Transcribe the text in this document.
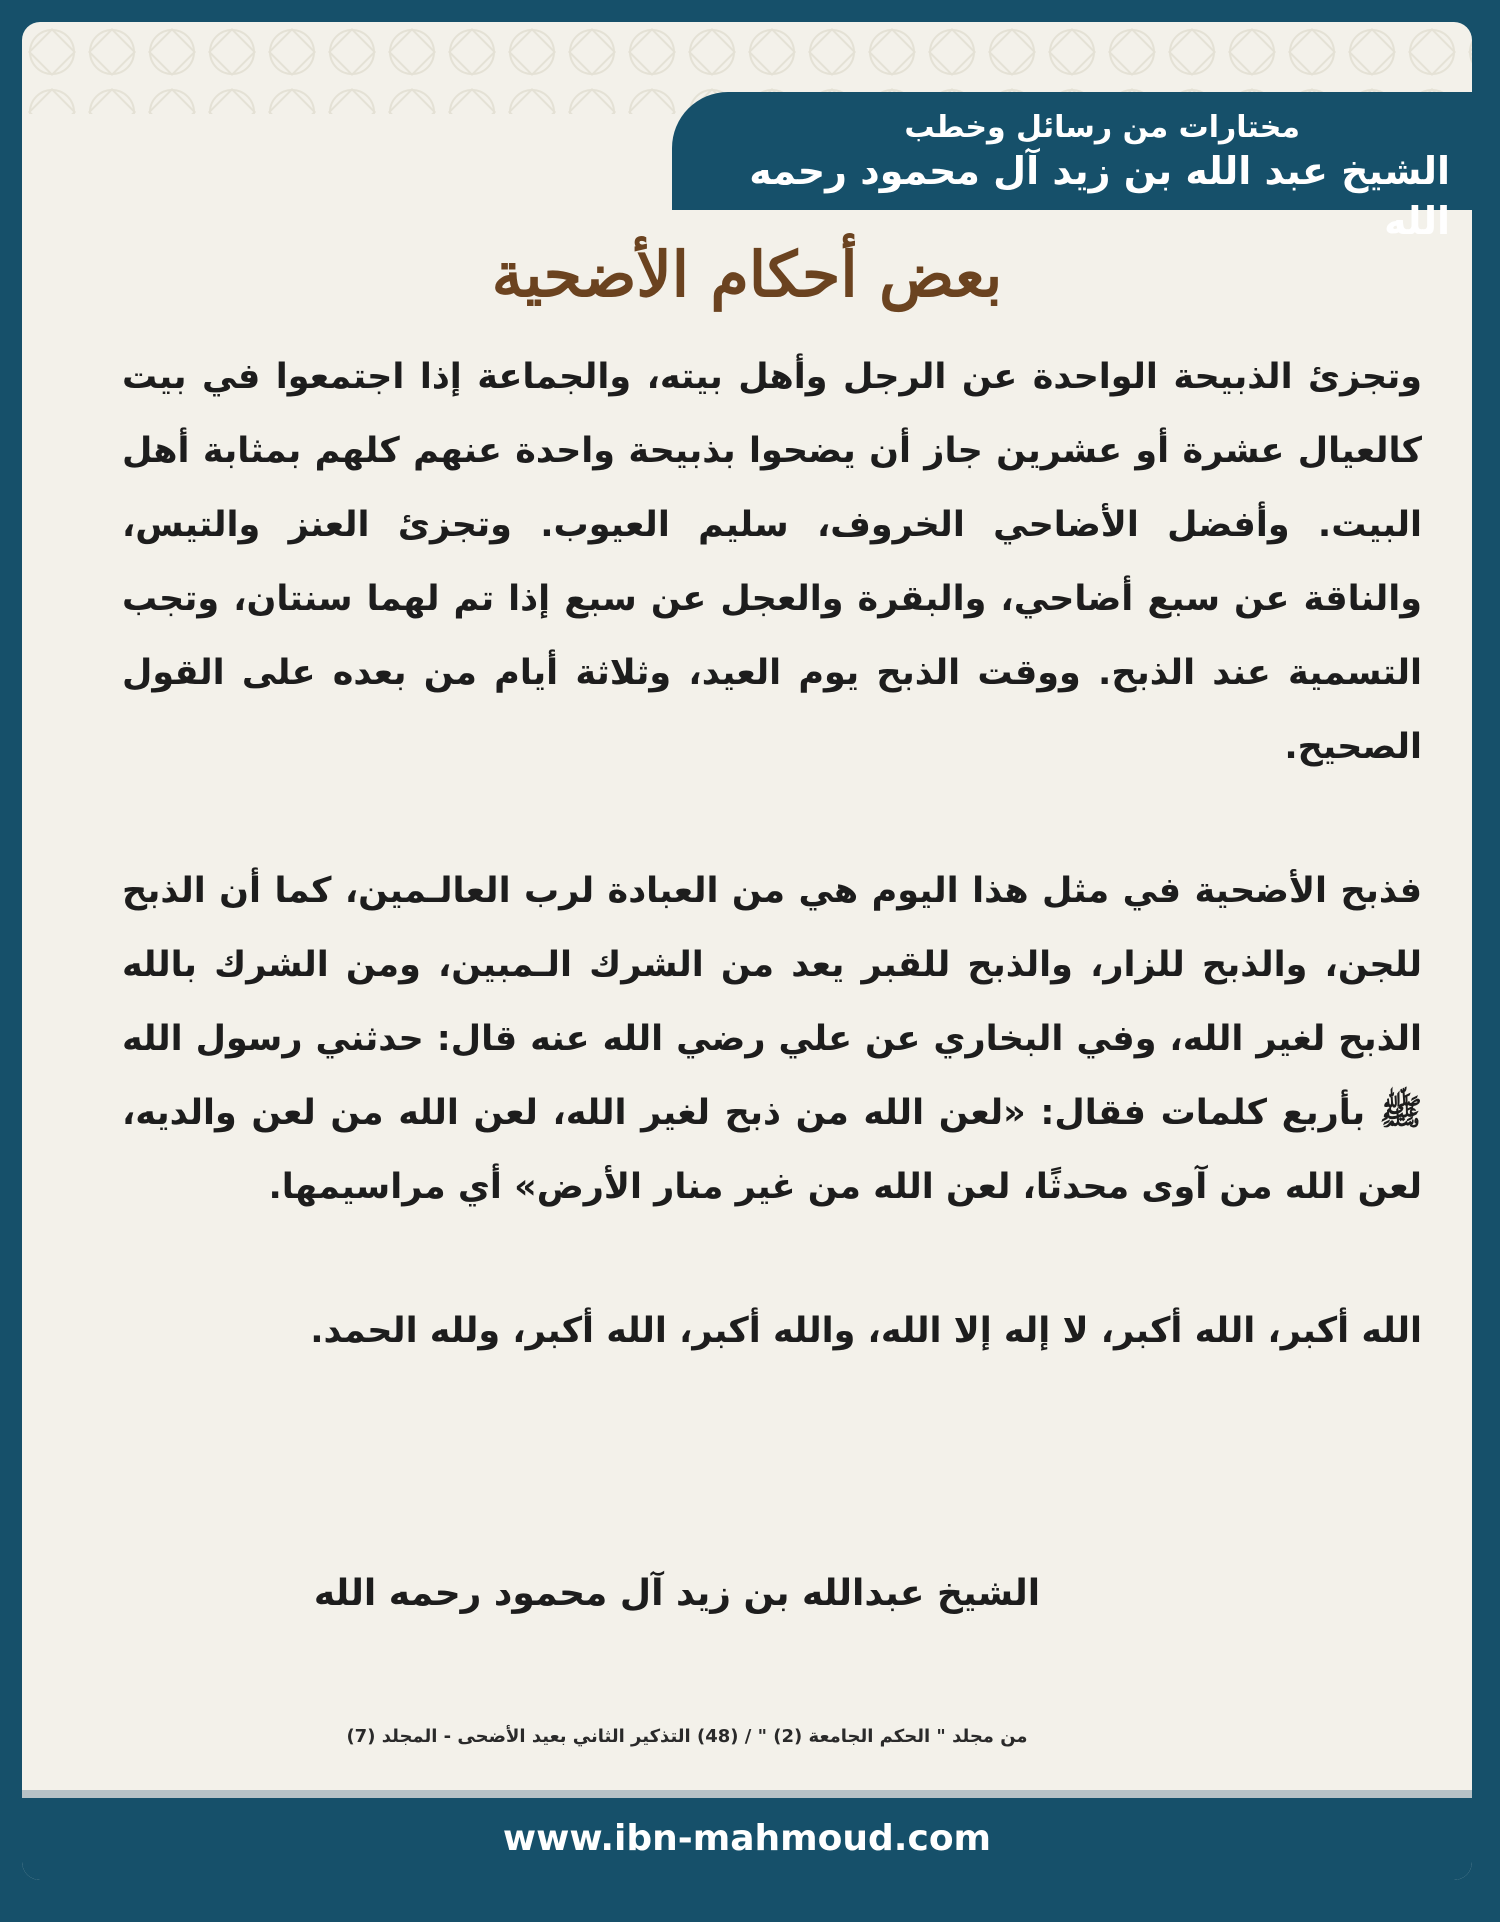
مختارات من رسائل وخطب
الشيخ عبد الله بن زيد آل محمود رحمه الله
بعض أحكام الأضحية

وتجزئ الذبيحة الواحدة عن الرجل وأهل بيته، والجماعة إذا اجتمعوا في بيت كالعيال عشرة أو عشرين جاز أن يضحوا بذبيحة واحدة عنهم كلهم بمثابة أهل البيت. وأفضل الأضاحي الخروف، سليم العيوب. وتجزئ العنز والتيس، والناقة عن سبع أضاحي، والبقرة والعجل عن سبع إذا تم لهما سنتان، وتجب التسمية عند الذبح. ووقت الذبح يوم العيد، وثلاثة أيام من بعده على القول الصحيح.

فذبح الأضحية في مثل هذا اليوم هي من العبادة لرب العالـمين، كما أن الذبح للجن، والذبح للزار، والذبح للقبر يعد من الشرك الـمبين، ومن الشرك بالله الذبح لغير الله، وفي البخاري عن علي رضي الله عنه قال: حدثني رسول الله ﷺ بأربع كلمات فقال: «لعن الله من ذبح لغير الله، لعن الله من لعن والديه، لعن الله من آوى محدثًا، لعن الله من غير منار الأرض» أي مراسيمها.

الله أكبر، الله أكبر، لا إله إلا الله، والله أكبر، الله أكبر، ولله الحمد.

الشيخ عبدالله بن زيد آل محمود رحمه الله
من مجلد " الحكم الجامعة (2) " / (48) التذكير الثاني بعيد الأضحى - المجلد (7)
www.ibn-mahmoud.com
